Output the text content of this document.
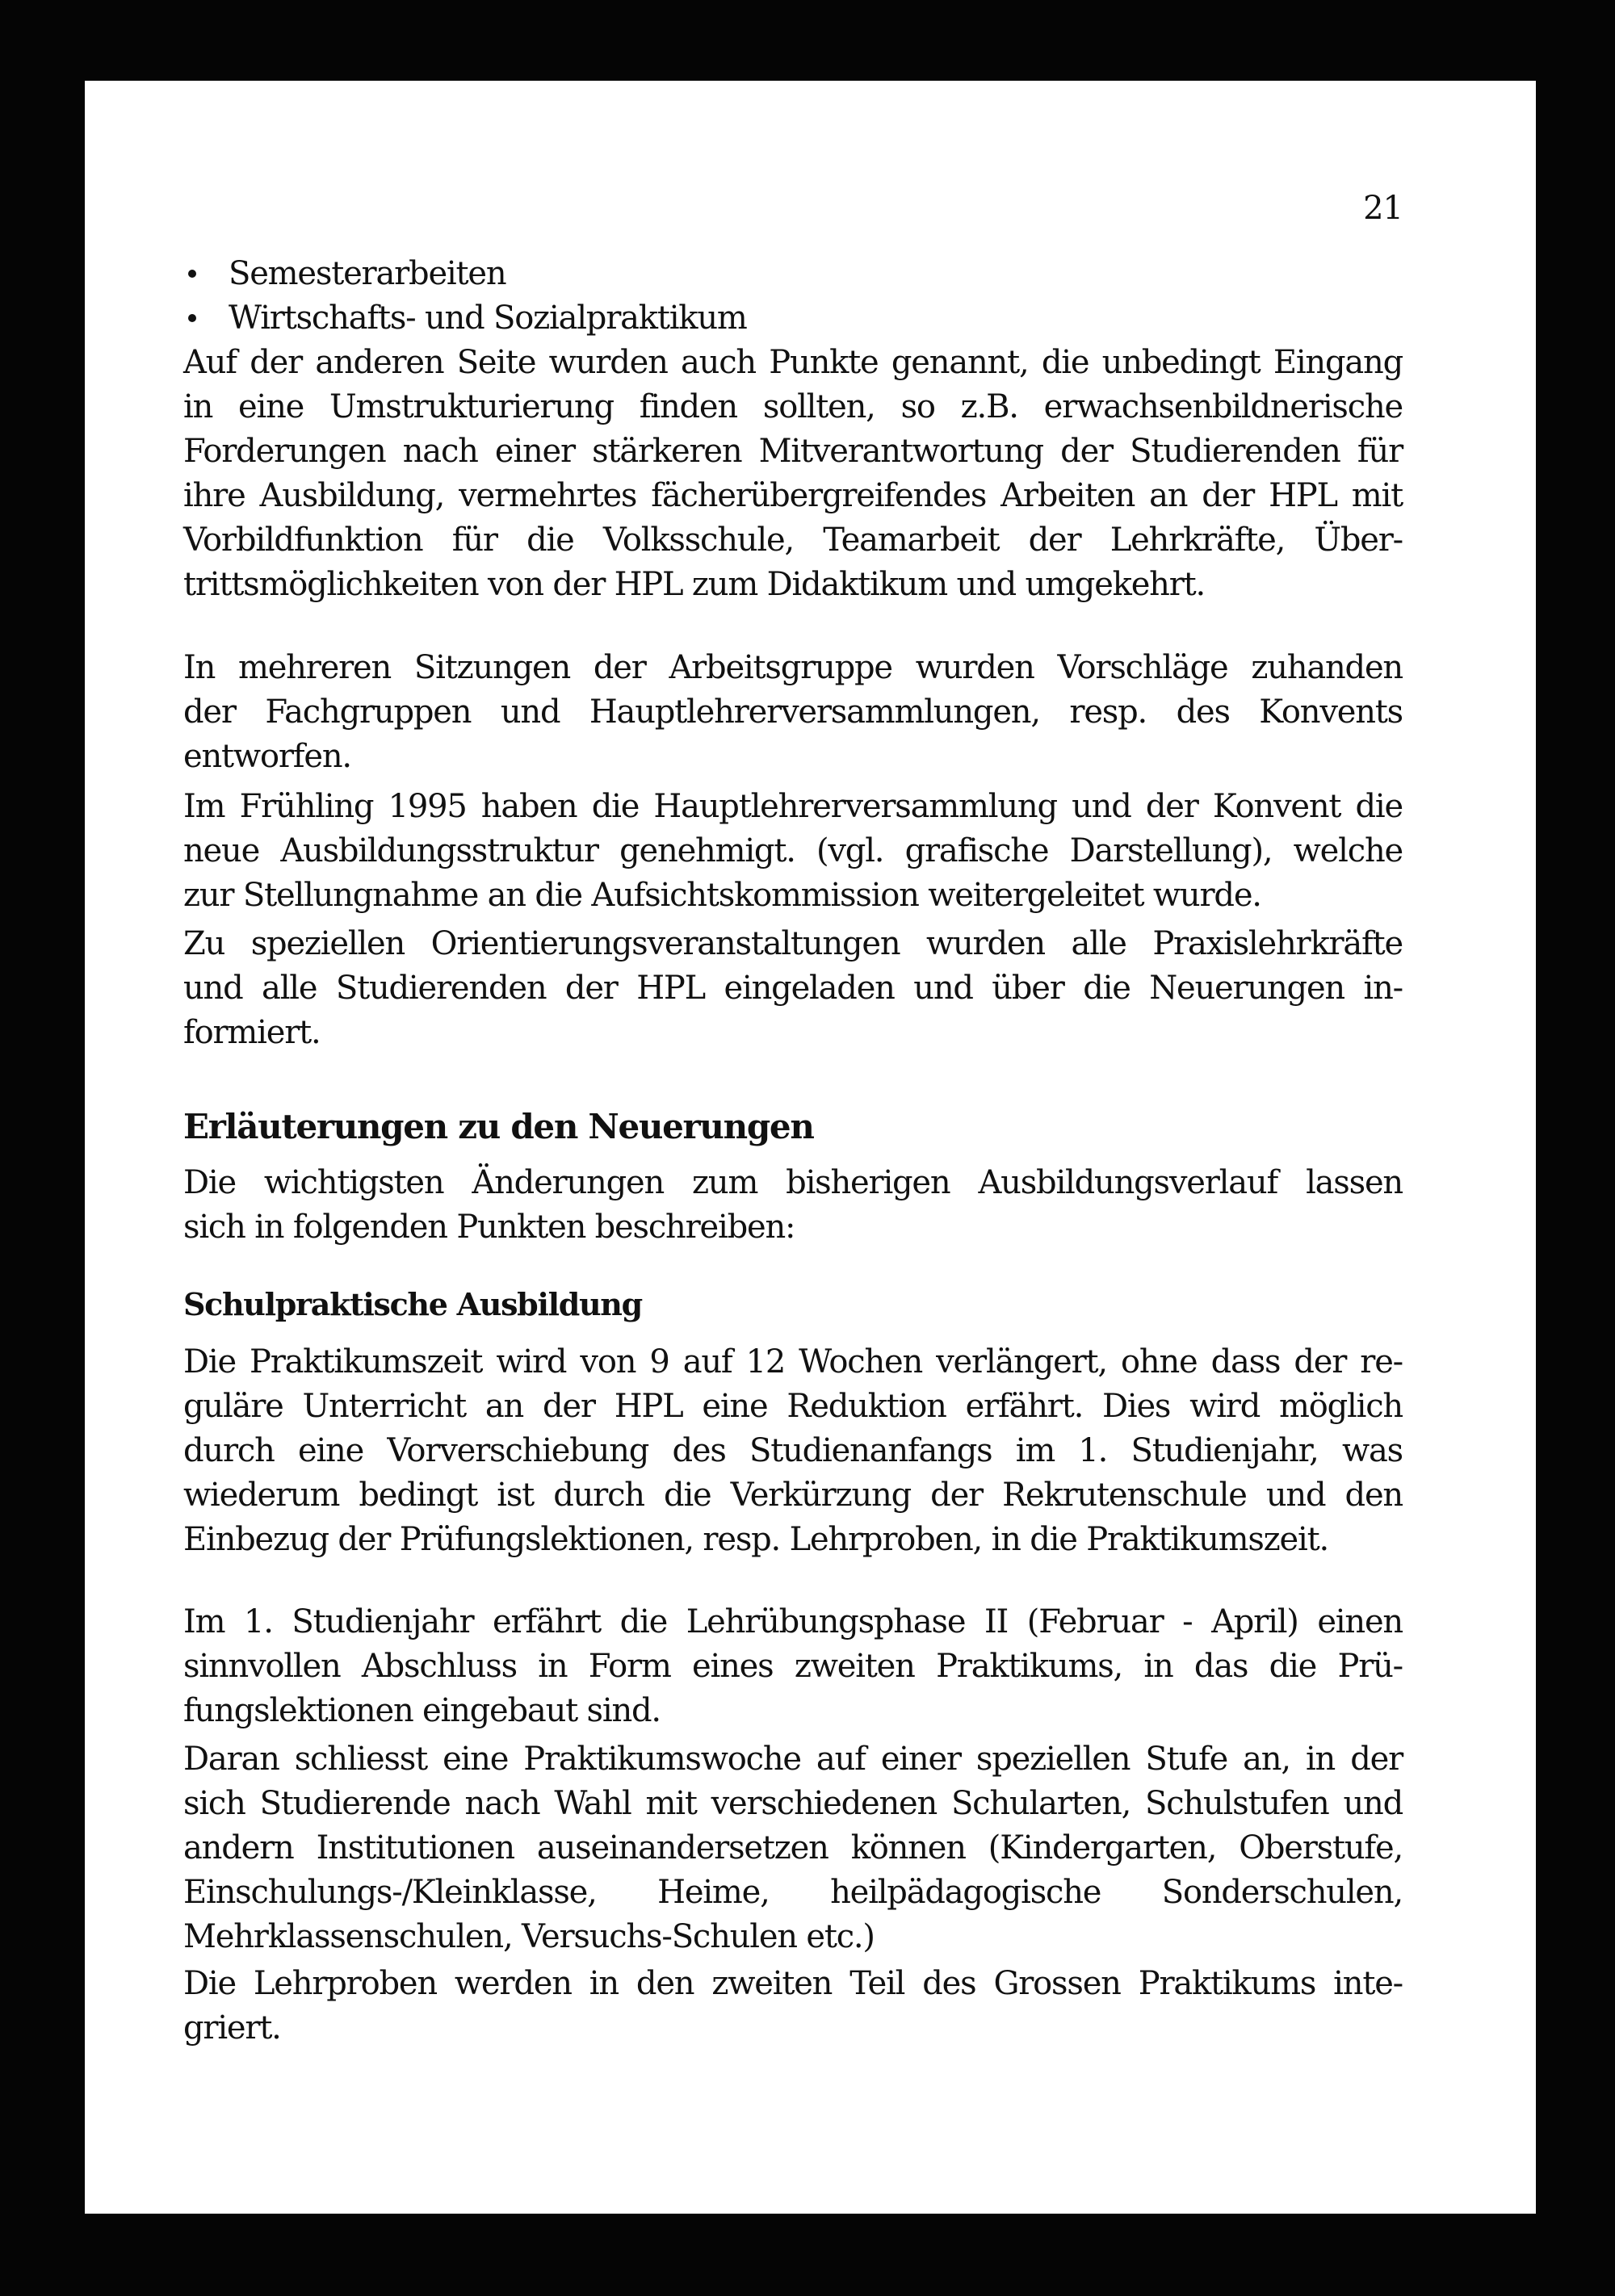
21
Semesterarbeiten
Wirtschafts- und Sozialpraktikum
Auf der anderen Seite wurden auch Punkte genannt, die unbedingt Eingang
in eine Umstrukturierung finden sollten, so z.B. erwachsenbildnerische
Forderungen nach einer stärkeren Mitverantwortung der Studierenden für
ihre Ausbildung, vermehrtes fächerübergreifendes Arbeiten an der HPL mit
Vorbildfunktion für die Volksschule, Teamarbeit der Lehrkräfte, Über-
trittsmöglichkeiten von der HPL zum Didaktikum und umgekehrt.
In mehreren Sitzungen der Arbeitsgruppe wurden Vorschläge zuhanden
der Fachgruppen und Hauptlehrerversammlungen, resp. des Konvents
entworfen.
Im Frühling 1995 haben die Hauptlehrerversammlung und der Konvent die
neue Ausbildungsstruktur genehmigt. (vgl. grafische Darstellung), welche
zur Stellungnahme an die Aufsichtskommission weitergeleitet wurde.
Zu speziellen Orientierungsveranstaltungen wurden alle Praxislehrkräfte
und alle Studierenden der HPL eingeladen und über die Neuerungen in-
formiert.
Erläuterungen zu den Neuerungen
Die wichtigsten Änderungen zum bisherigen Ausbildungsverlauf lassen
sich in folgenden Punkten beschreiben:
Schulpraktische Ausbildung
Die Praktikumszeit wird von 9 auf 12 Wochen verlängert, ohne dass der re-
guläre Unterricht an der HPL eine Reduktion erfährt. Dies wird möglich
durch eine Vorverschiebung des Studienanfangs im 1. Studienjahr, was
wiederum bedingt ist durch die Verkürzung der Rekrutenschule und den
Einbezug der Prüfungslektionen, resp. Lehrproben, in die Praktikumszeit.
Im 1. Studienjahr erfährt die Lehrübungsphase II (Februar - April) einen
sinnvollen Abschluss in Form eines zweiten Praktikums, in das die Prü-
fungslektionen eingebaut sind.
Daran schliesst eine Praktikumswoche auf einer speziellen Stufe an, in der
sich Studierende nach Wahl mit verschiedenen Schularten, Schulstufen und
andern Institutionen auseinandersetzen können (Kindergarten, Oberstufe,
Einschulungs-/Kleinklasse, Heime, heilpädagogische Sonderschulen,
Mehrklassenschulen, Versuchs-Schulen etc.)
Die Lehrproben werden in den zweiten Teil des Grossen Praktikums inte-
griert.
